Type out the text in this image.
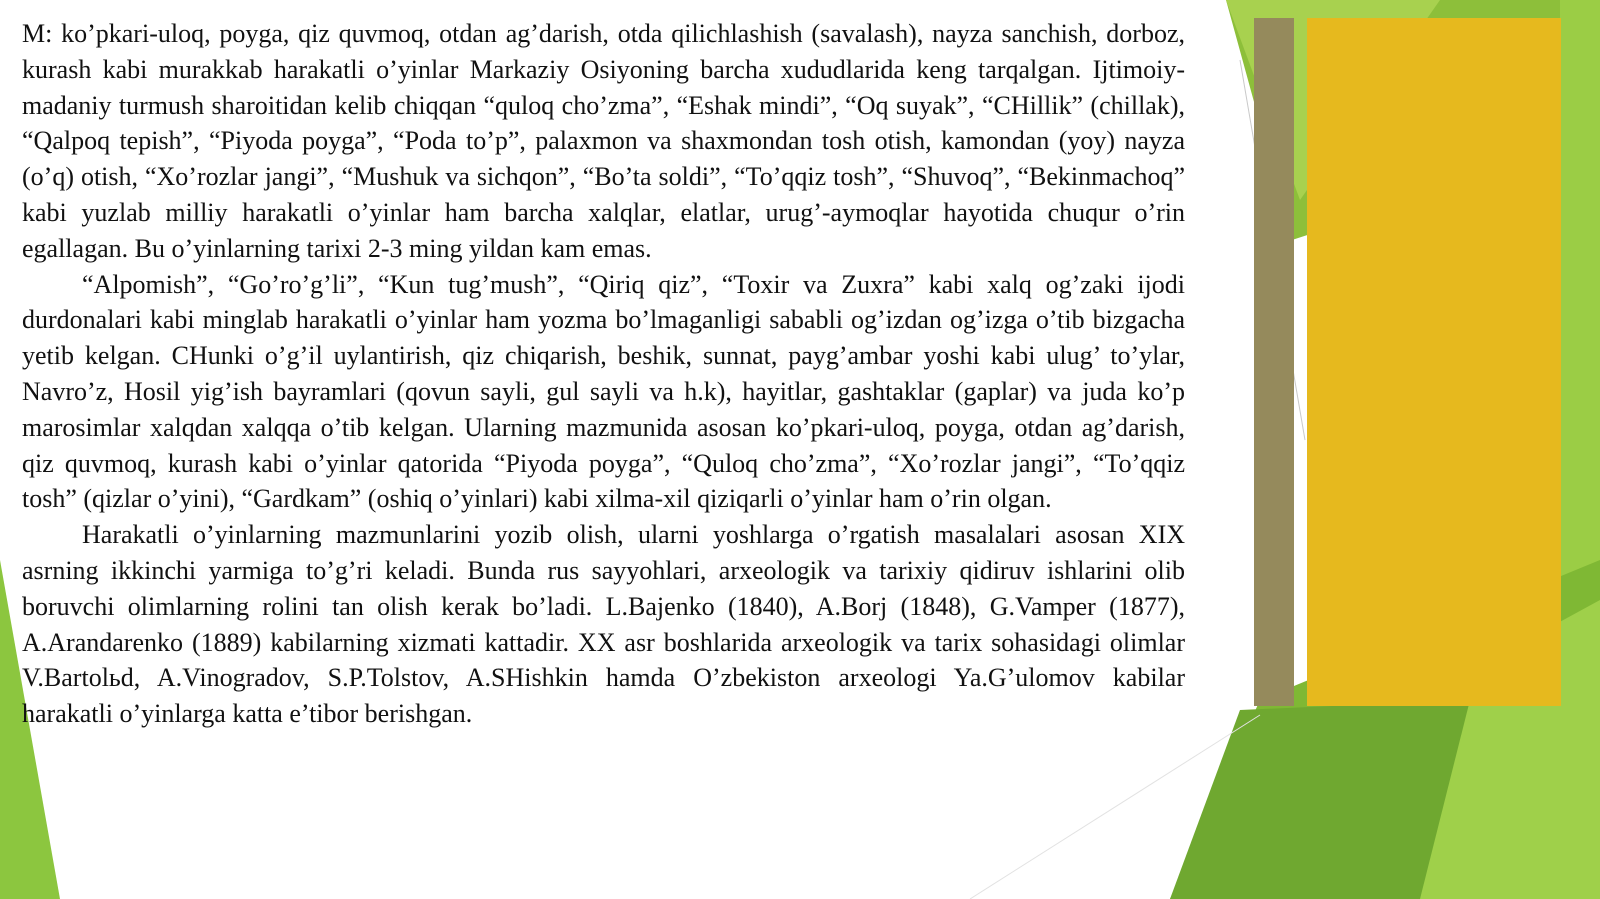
M: ko’pkari-uloq, poyga, qiz quvmoq, otdan ag’darish, otda qilichlashish (savalash), nayza sanchish, dorboz, kurash kabi murakkab harakatli o’yinlar Markaziy Osiyoning barcha xududlarida keng tarqalgan. Ijtimoiy-madaniy turmush sharoitidan kelib chiqqan “quloq cho’zma”, “Eshak mindi”, “Oq suyak”, “CHillik” (chillak), “Qalpoq tepish”, “Piyoda poyga”, “Poda to’p”, palaxmon va shaxmondan tosh otish, kamondan (yoy) nayza (o’q) otish, “Xo’rozlar jangi”, “Mushuk va sichqon”, “Bo’ta soldi”, “To’qqiz tosh”, “Shuvoq”, “Bekinmachoq” kabi yuzlab milliy harakatli o’yinlar ham barcha xalqlar, elatlar, urug’-aymoqlar hayotida chuqur o’rin egallagan. Bu o’yinlarning tarixi 2-3 ming yildan kam emas.

“Alpomish”, “Go’ro’g’li”, “Kun tug’mush”, “Qiriq qiz”, “Toxir va Zuxra” kabi xalq og’zaki ijodi durdonalari kabi minglab harakatli o’yinlar ham yozma bo’lmaganligi sababli og’izdan og’izga o’tib bizgacha yetib kelgan. CHunki o’g’il uylantirish, qiz chiqarish, beshik, sunnat, payg’ambar yoshi kabi ulug’ to’ylar, Navro’z, Hosil yig’ish bayramlari (qovun sayli, gul sayli va h.k), hayitlar, gashtaklar (gaplar) va juda ko’p marosimlar xalqdan xalqqa o’tib kelgan. Ularning mazmunida asosan ko’pkari-uloq, poyga, otdan ag’darish, qiz quvmoq, kurash kabi o’yinlar qatorida “Piyoda poyga”, “Quloq cho’zma”, “Xo’rozlar jangi”, “To’qqiz tosh” (qizlar o’yini), “Gardkam” (oshiq o’yinlari) kabi xilma-xil qiziqarli o’yinlar ham o’rin olgan.

Harakatli o’yinlarning mazmunlarini yozib olish, ularni yoshlarga o’rgatish masalalari asosan XIX asrning ikkinchi yarmiga to’g’ri keladi. Bunda rus sayyohlari, arxeologik va tarixiy qidiruv ishlarini olib boruvchi olimlarning rolini tan olish kerak bo’ladi. L.Bajenko (1840), A.Borj (1848), G.Vamper (1877), A.Arandarenko (1889) kabilarning xizmati kattadir. XX asr boshlarida arxeologik va tarix sohasidagi olimlar V.Bartolьd, A.Vinogradov, S.P.Tolstov, A.SHishkin hamda O’zbekiston arxeologi Ya.G’ulomov kabilar harakatli o’yinlarga katta e’tibor berishgan.
